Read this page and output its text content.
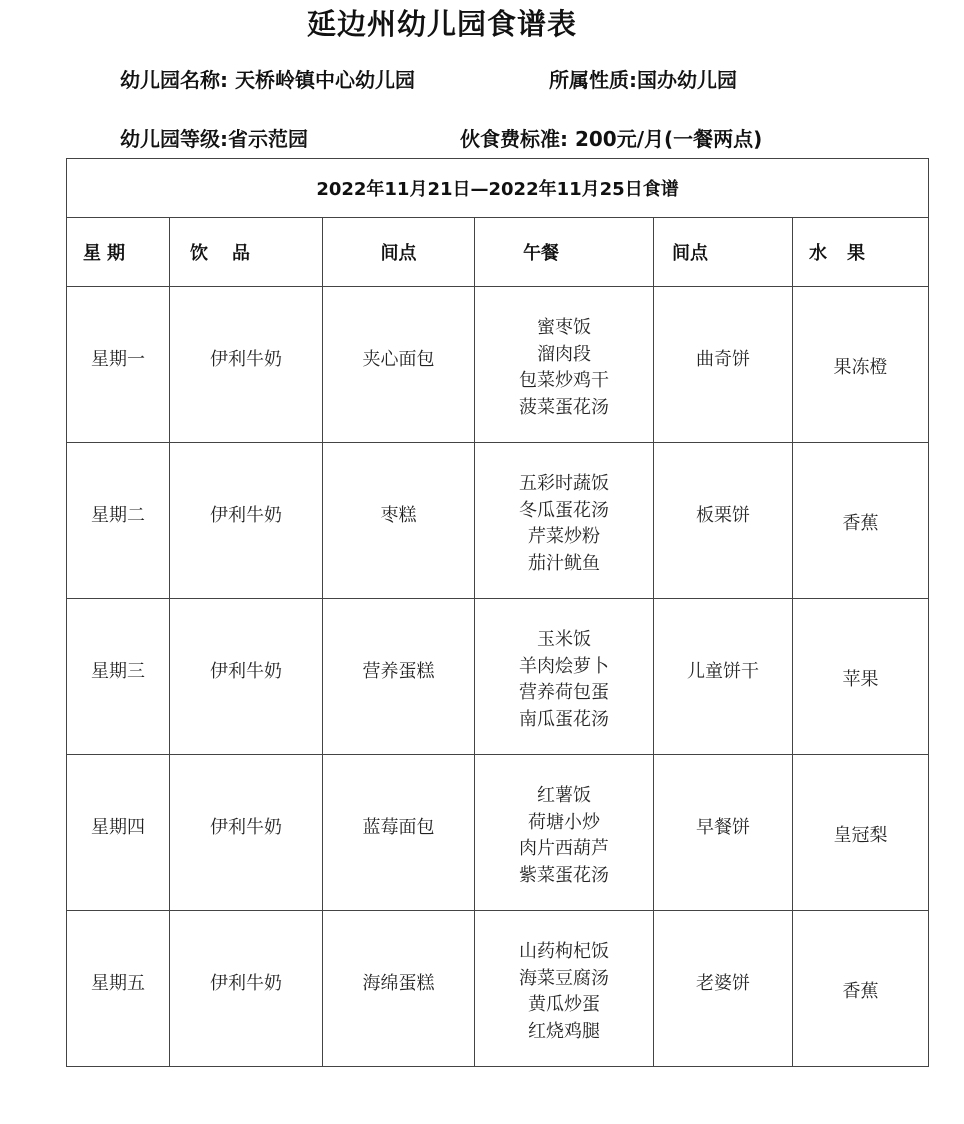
延边州幼儿园食谱表
幼儿园名称: 天桥岭镇中心幼儿园	所属性质:国办幼儿园
幼儿园等级:省示范园	伙食费标准: 200元/月(一餐两点)
2022年11月21日—2022年11月25日食谱					
星期	饮品	间点	午餐	间点	水果

星期一	伊利牛奶	夹心面包	蜜枣饭
溜肉段
包菜炒鸡干
菠菜蛋花汤	曲奇饼	果冻橙

星期二	伊利牛奶	枣糕	五彩时蔬饭
冬瓜蛋花汤
芹菜炒粉
茄汁鱿鱼	板栗饼	香蕉

星期三	伊利牛奶	营养蛋糕	玉米饭
羊肉烩萝卜
营养荷包蛋
南瓜蛋花汤	儿童饼干	苹果

星期四	伊利牛奶	蓝莓面包	红薯饭
荷塘小炒
肉片西葫芦
紫菜蛋花汤	早餐饼	皇冠梨

星期五	伊利牛奶	海绵蛋糕	山药枸杞饭
海菜豆腐汤
黄瓜炒蛋
红烧鸡腿	老婆饼	香蕉
